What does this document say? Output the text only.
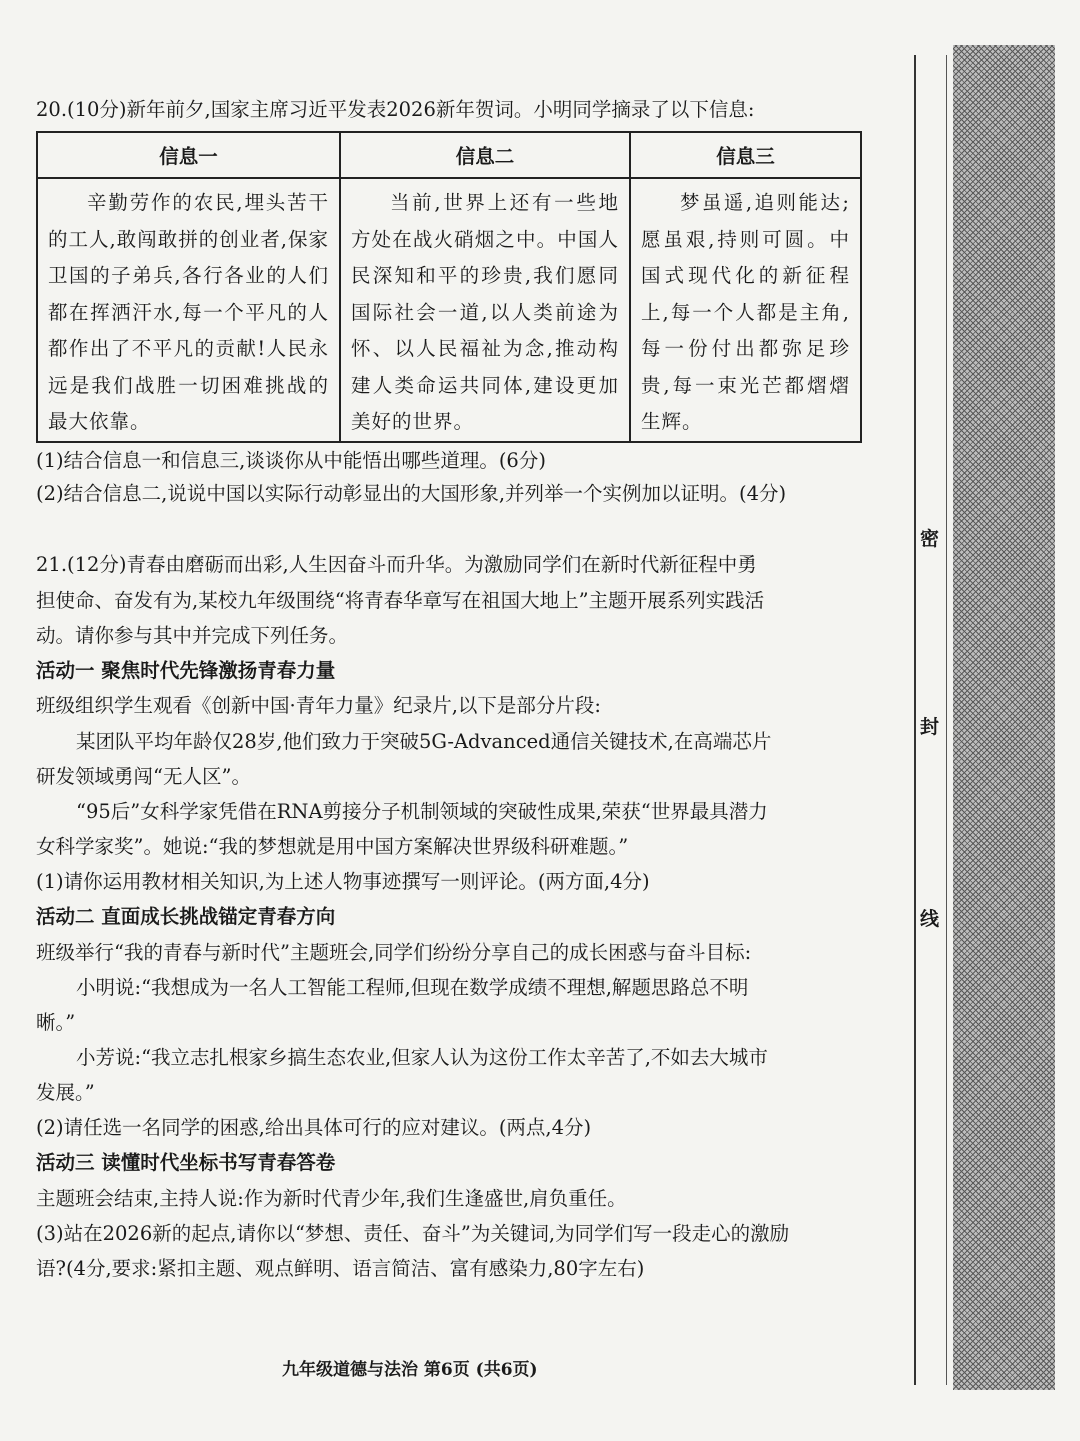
20.(10分)新年前夕,国家主席习近平发表2026新年贺词。小明同学摘录了以下信息:
信息一	信息二	信息三

辛勤劳作的农民,埋头苦干的工人,敢闯敢拼的创业者,保家卫国的子弟兵,各行各业的人们都在挥洒汗水,每一个平凡的人都作出了不平凡的贡献!人民永远是我们战胜一切困难挑战的最大依靠。	当前,世界上还有一些地方处在战火硝烟之中。中国人民深知和平的珍贵,我们愿同国际社会一道,以人类前途为怀、以人民福祉为念,推动构建人类命运共同体,建设更加美好的世界。	梦虽遥,追则能达;愿虽艰,持则可圆。中国式现代化的新征程上,每一个人都是主角,每一份付出都弥足珍贵,每一束光芒都熠熠生辉。
(1)结合信息一和信息三,谈谈你从中能悟出哪些道理。(6分)
(2)结合信息二,说说中国以实际行动彰显出的大国形象,并列举一个实例加以证明。(4分)
21.(12分)青春由磨砺而出彩,人生因奋斗而升华。为激励同学们在新时代新征程中勇
担使命、奋发有为,某校九年级围绕“将青春华章写在祖国大地上”主题开展系列实践活
动。请你参与其中并完成下列任务。
活动一 聚焦时代先锋激扬青春力量
班级组织学生观看《创新中国·青年力量》纪录片,以下是部分片段:
某团队平均年龄仅28岁,他们致力于突破5G-Advanced通信关键技术,在高端芯片
研发领域勇闯“无人区”。
“95后”女科学家凭借在RNA剪接分子机制领域的突破性成果,荣获“世界最具潜力
女科学家奖”。她说:“我的梦想就是用中国方案解决世界级科研难题。”
(1)请你运用教材相关知识,为上述人物事迹撰写一则评论。(两方面,4分)
活动二 直面成长挑战锚定青春方向
班级举行“我的青春与新时代”主题班会,同学们纷纷分享自己的成长困惑与奋斗目标:
小明说:“我想成为一名人工智能工程师,但现在数学成绩不理想,解题思路总不明
晰。”
小芳说:“我立志扎根家乡搞生态农业,但家人认为这份工作太辛苦了,不如去大城市
发展。”
(2)请任选一名同学的困惑,给出具体可行的应对建议。(两点,4分)
活动三 读懂时代坐标书写青春答卷
主题班会结束,主持人说:作为新时代青少年,我们生逢盛世,肩负重任。
(3)站在2026新的起点,请你以“梦想、责任、奋斗”为关键词,为同学们写一段走心的激励
语?(4分,要求:紧扣主题、观点鲜明、语言简洁、富有感染力,80字左右)
九年级道德与法治 第6页 (共6页)
密
封
线
